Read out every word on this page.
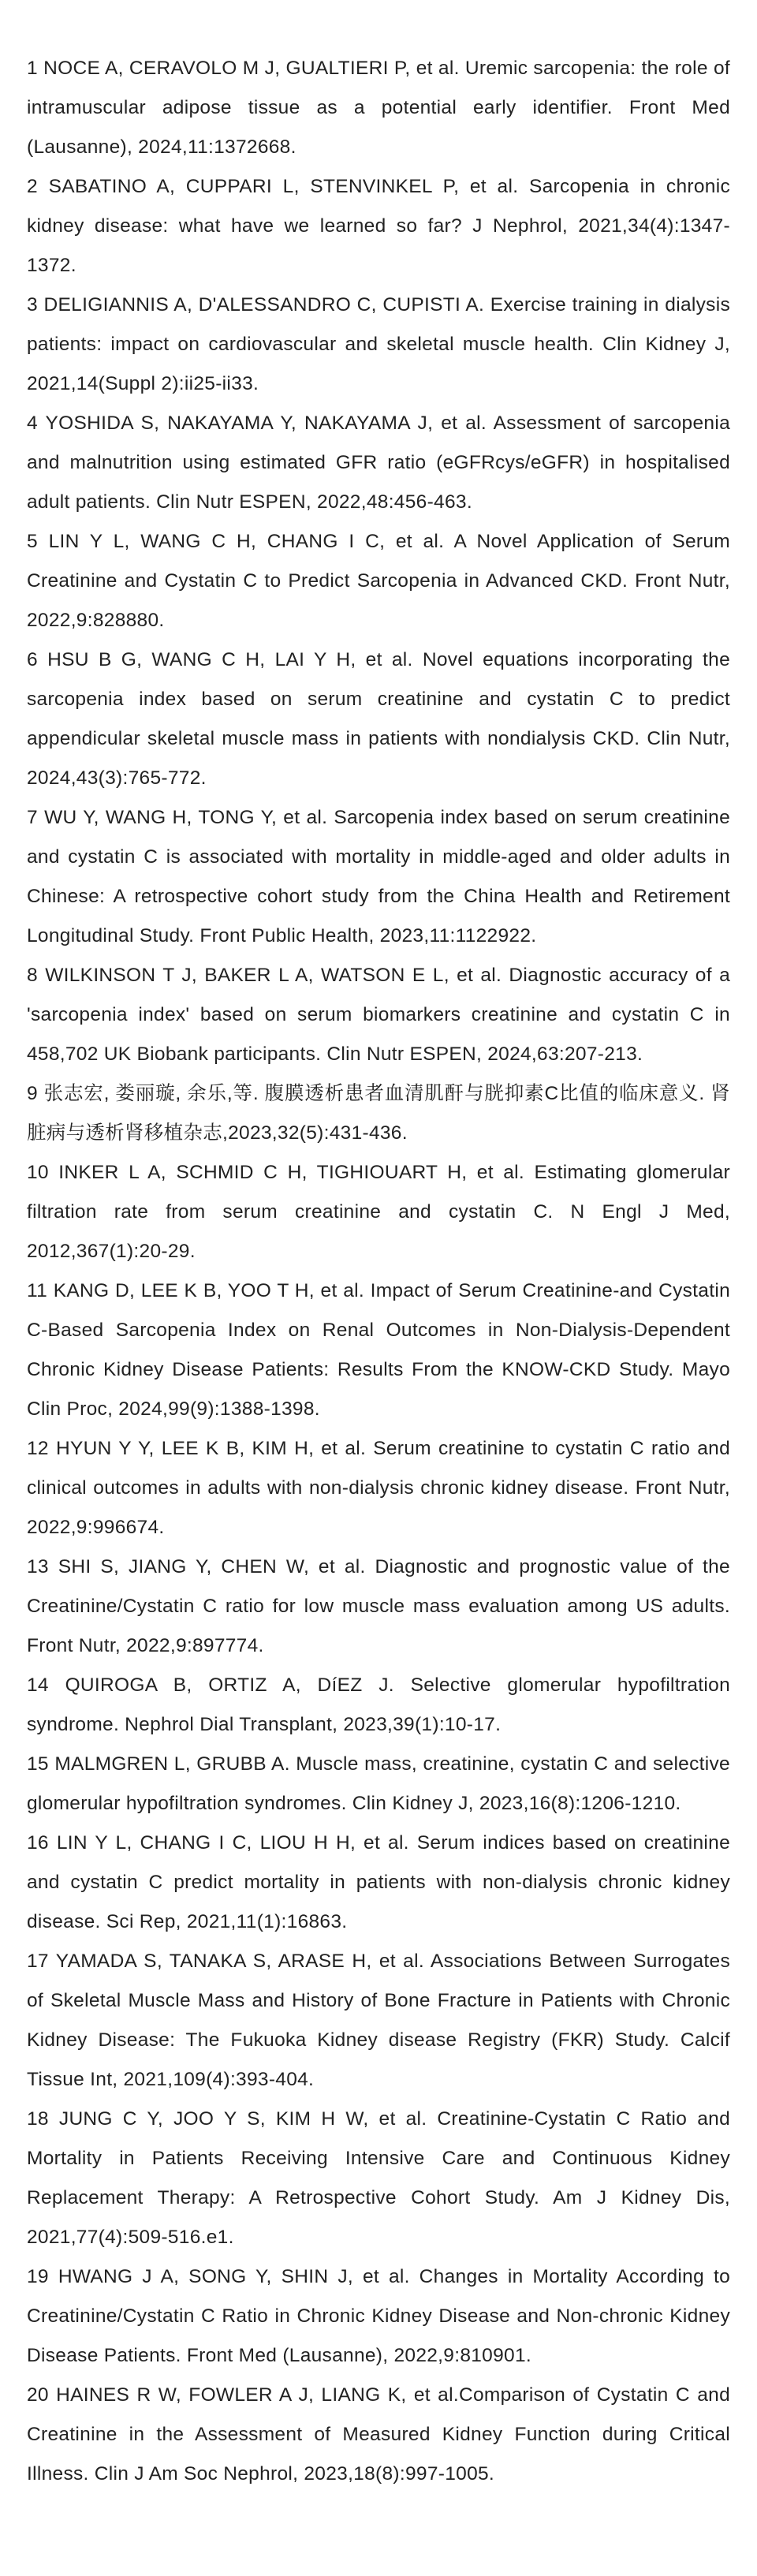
1 NOCE A, CERAVOLO M J, GUALTIERI P, et al. Uremic sarcopenia: the role of intramuscular adipose tissue as a potential early identifier. Front Med (Lausanne), 2024,11:1372668.
2 SABATINO A, CUPPARI L, STENVINKEL P, et al. Sarcopenia in chronic kidney disease: what have we learned so far? J Nephrol, 2021,34(4):1347-1372.
3 DELIGIANNIS A, D'ALESSANDRO C, CUPISTI A. Exercise training in dialysis patients: impact on cardiovascular and skeletal muscle health. Clin Kidney J, 2021,14(Suppl 2):ii25-ii33.
4 YOSHIDA S, NAKAYAMA Y, NAKAYAMA J, et al. Assessment of sarcopenia and malnutrition using estimated GFR ratio (eGFRcys/eGFR) in hospitalised adult patients. Clin Nutr ESPEN, 2022,48:456-463.
5 LIN Y L, WANG C H, CHANG I C, et al. A Novel Application of Serum Creatinine and Cystatin C to Predict Sarcopenia in Advanced CKD. Front Nutr, 2022,9:828880.
6 HSU B G, WANG C H, LAI Y H, et al. Novel equations incorporating the sarcopenia index based on serum creatinine and cystatin C to predict appendicular skeletal muscle mass in patients with nondialysis CKD. Clin Nutr, 2024,43(3):765-772.
7 WU Y, WANG H, TONG Y, et al. Sarcopenia index based on serum creatinine and cystatin C is associated with mortality in middle-aged and older adults in Chinese: A retrospective cohort study from the China Health and Retirement Longitudinal Study. Front Public Health, 2023,11:1122922.
8 WILKINSON T J, BAKER L A, WATSON E L, et al. Diagnostic accuracy of a 'sarcopenia index' based on serum biomarkers creatinine and cystatin C in 458,702 UK Biobank participants. Clin Nutr ESPEN, 2024,63:207-213.
9 张志宏, 娄丽璇, 余乐,等. 腹膜透析患者血清肌酐与胱抑素C比值的临床意义. 肾脏病与透析肾移植杂志,2023,32(5):431-436.
10 INKER L A, SCHMID C H, TIGHIOUART H, et al. Estimating glomerular filtration rate from serum creatinine and cystatin C. N Engl J Med, 2012,367(1):20-29.
11 KANG D, LEE K B, YOO T H, et al. Impact of Serum Creatinine-and Cystatin C-Based Sarcopenia Index on Renal Outcomes in Non-Dialysis-Dependent Chronic Kidney Disease Patients: Results From the KNOW-CKD Study. Mayo Clin Proc, 2024,99(9):1388-1398.
12 HYUN Y Y, LEE K B, KIM H, et al. Serum creatinine to cystatin C ratio and clinical outcomes in adults with non-dialysis chronic kidney disease. Front Nutr, 2022,9:996674.
13 SHI S, JIANG Y, CHEN W, et al. Diagnostic and prognostic value of the Creatinine/Cystatin C ratio for low muscle mass evaluation among US adults. Front Nutr, 2022,9:897774.
14 QUIROGA B, ORTIZ A, DíEZ J. Selective glomerular hypofiltration syndrome. Nephrol Dial Transplant, 2023,39(1):10-17.
15 MALMGREN L, GRUBB A. Muscle mass, creatinine, cystatin C and selective glomerular hypofiltration syndromes. Clin Kidney J, 2023,16(8):1206-1210.
16 LIN Y L, CHANG I C, LIOU H H, et al. Serum indices based on creatinine and cystatin C predict mortality in patients with non-dialysis chronic kidney disease. Sci Rep, 2021,11(1):16863.
17 YAMADA S, TANAKA S, ARASE H, et al. Associations Between Surrogates of Skeletal Muscle Mass and History of Bone Fracture in Patients with Chronic Kidney Disease: The Fukuoka Kidney disease Registry (FKR) Study. Calcif Tissue Int, 2021,109(4):393-404.
18 JUNG C Y, JOO Y S, KIM H W, et al. Creatinine-Cystatin C Ratio and Mortality in Patients Receiving Intensive Care and Continuous Kidney Replacement Therapy: A Retrospective Cohort Study. Am J Kidney Dis, 2021,77(4):509-516.e1.
19 HWANG J A, SONG Y, SHIN J, et al. Changes in Mortality According to Creatinine/Cystatin C Ratio in Chronic Kidney Disease and Non-chronic Kidney Disease Patients. Front Med (Lausanne), 2022,9:810901.
20 HAINES R W, FOWLER A J, LIANG K, et al.Comparison of Cystatin C and Creatinine in the Assessment of Measured Kidney Function during Critical Illness. Clin J Am Soc Nephrol, 2023,18(8):997-1005.
